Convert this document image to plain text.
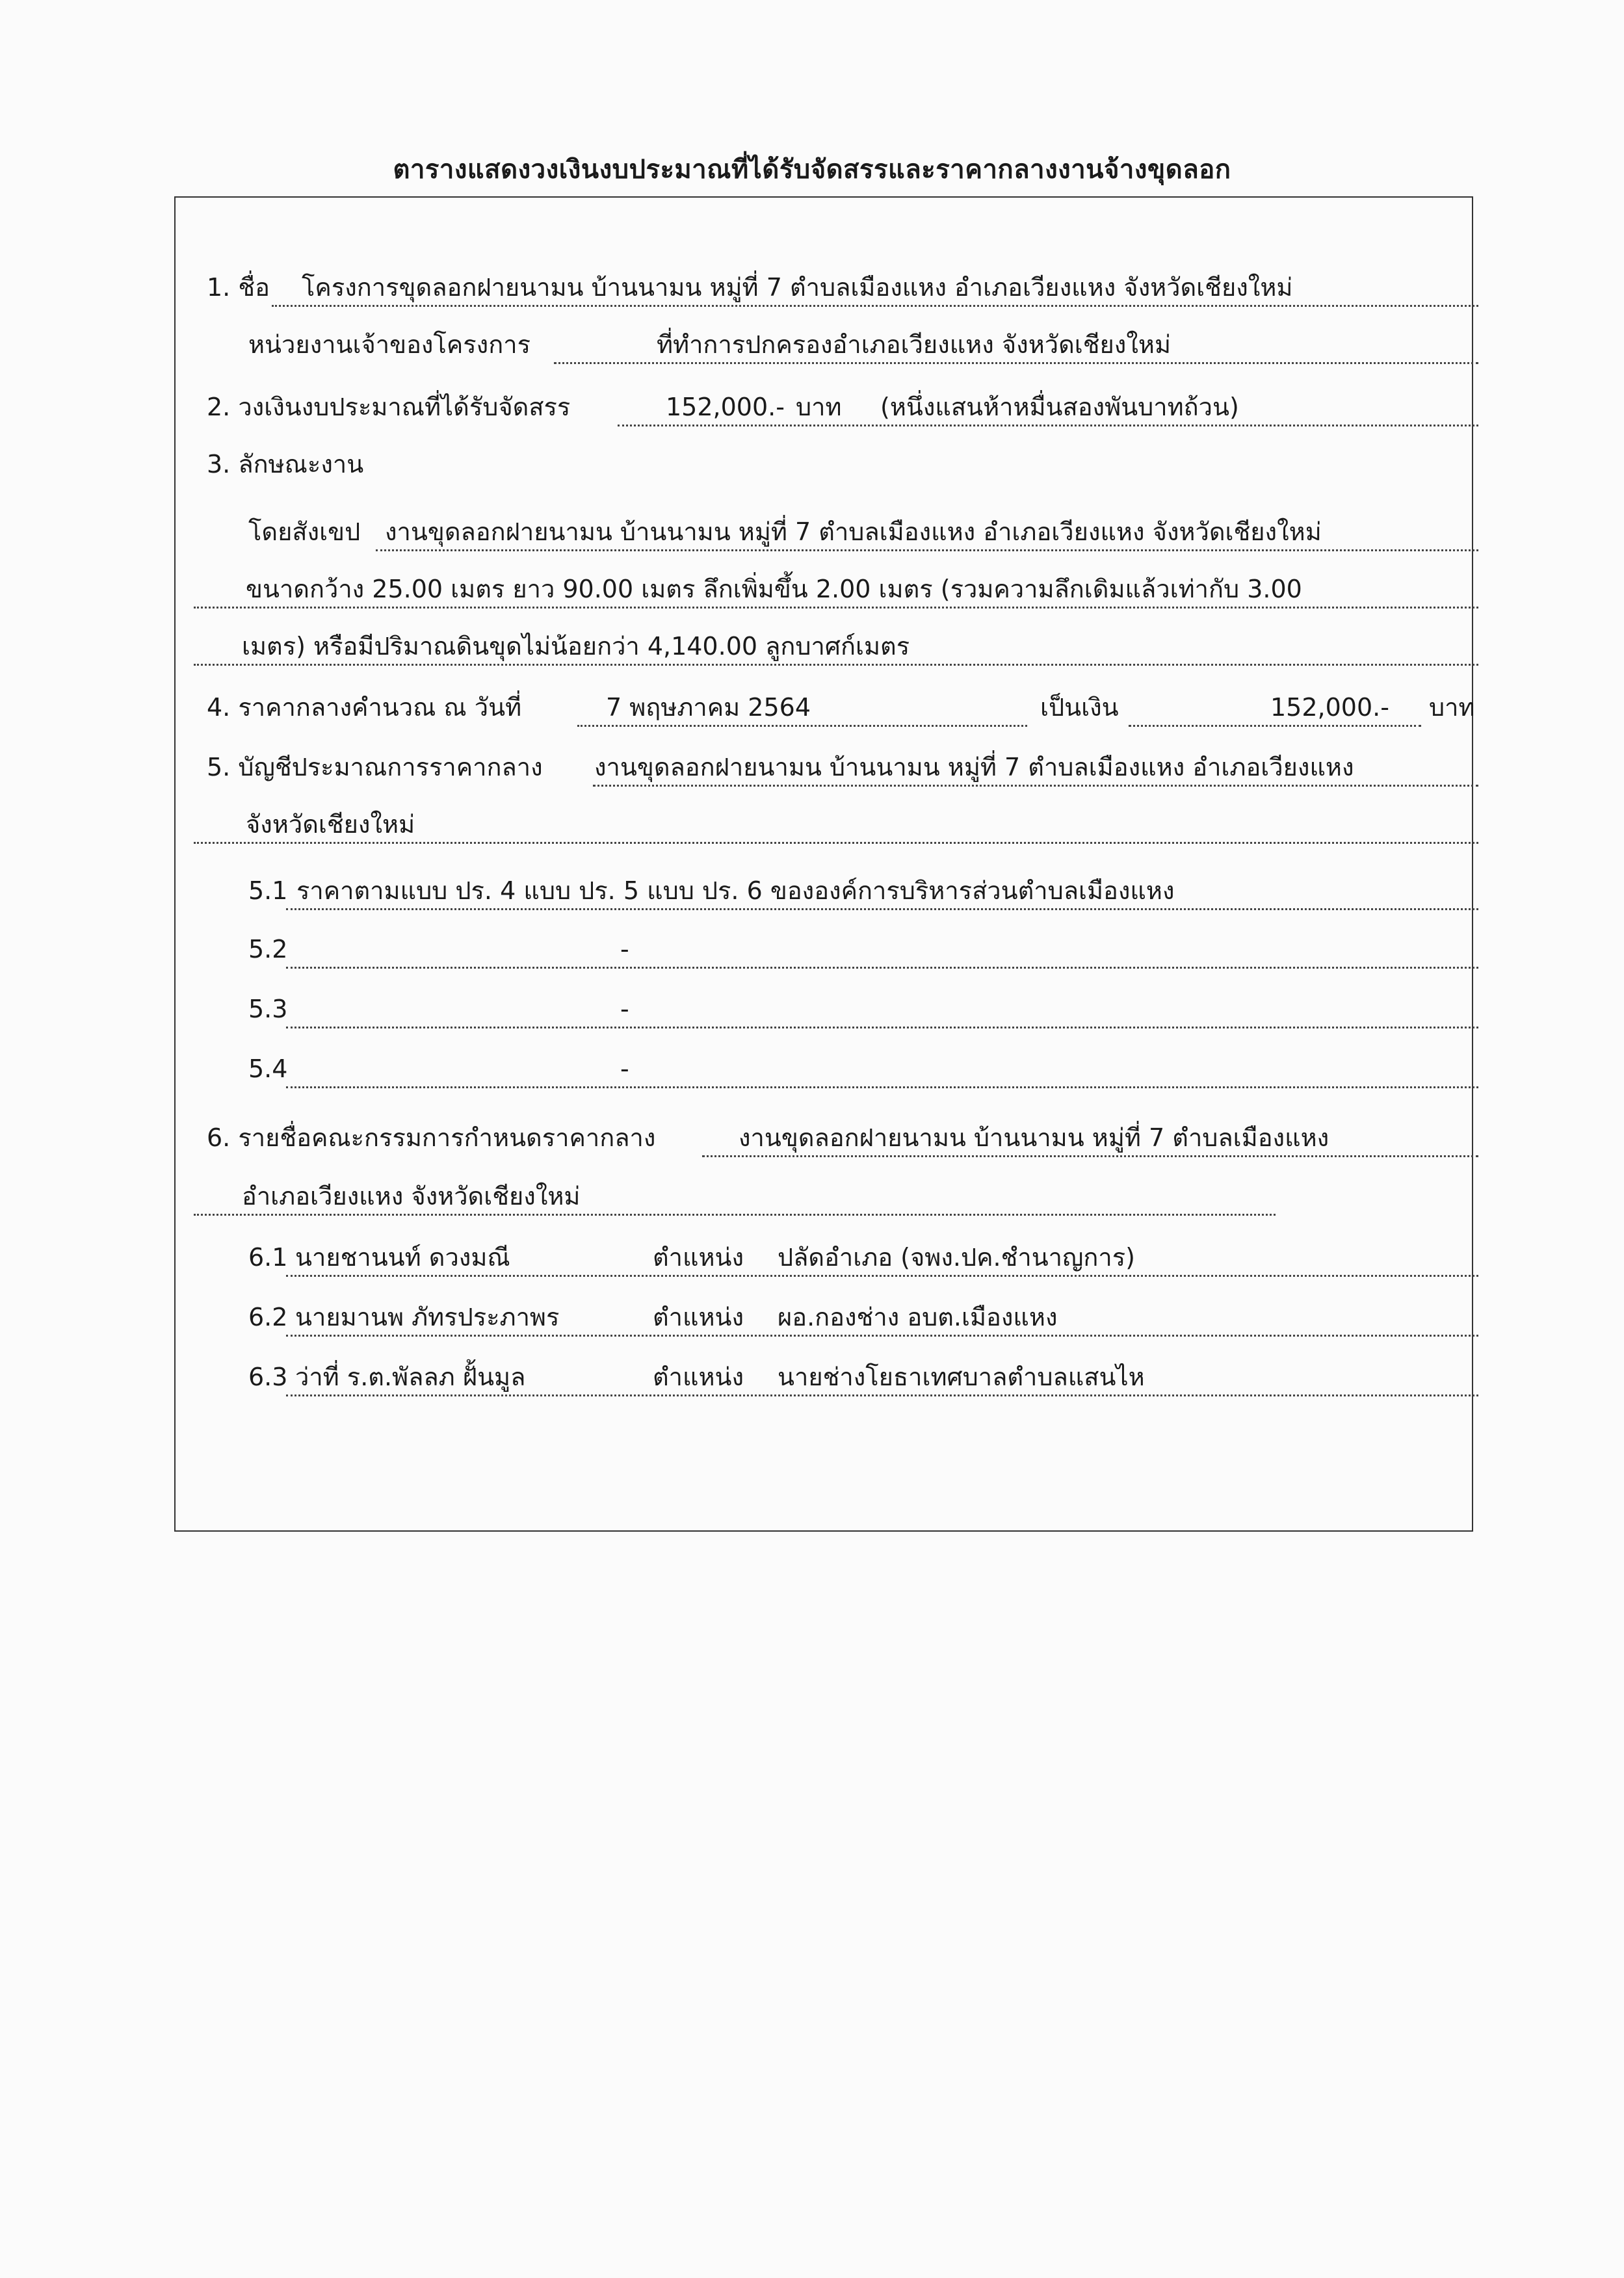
ตารางแสดงวงเงินงบประมาณที่ได้รับจัดสรรและราคากลางงานจ้างขุดลอก
1. ชื่อ โครงการขุดลอกฝายนามน บ้านนามน หมู่ที่ 7 ตำบลเมืองแหง อำเภอเวียงแหง จังหวัดเชียงใหม่
หน่วยงานเจ้าของโครงการ	ที่ทำการปกครองอำเภอเวียงแหง จังหวัดเชียงใหม่
2. วงเงินงบประมาณที่ได้รับจัดสรร	152,000.- บาท (หนึ่งแสนห้าหมื่นสองพันบาทถ้วน)
3. ลักษณะงาน
โดยสังเขป งานขุดลอกฝายนามน บ้านนามน หมู่ที่ 7 ตำบลเมืองแหง อำเภอเวียงแหง จังหวัดเชียงใหม่
ขนาดกว้าง 25.00 เมตร ยาว 90.00 เมตร ลึกเพิ่มขึ้น 2.00 เมตร (รวมความลึกเดิมแล้วเท่ากับ 3.00
เมตร) หรือมีปริมาณดินขุดไม่น้อยกว่า 4,140.00 ลูกบาศก์เมตร
4. ราคากลางคำนวณ ณ วันที่	7 พฤษภาคม 2564	เป็นเงิน	152,000.- บาท
5. บัญชีประมาณการราคากลาง งานขุดลอกฝายนามน บ้านนามน หมู่ที่ 7 ตำบลเมืองแหง อำเภอเวียงแหง
จังหวัดเชียงใหม่
5.1 ราคาตามแบบ ปร. 4 แบบ ปร. 5 แบบ ปร. 6 ขององค์การบริหารส่วนตำบลเมืองแหง
5.2	-
5.3	-
5.4	-
6. รายชื่อคณะกรรมการกำหนดราคากลาง	งานขุดลอกฝายนามน บ้านนามน หมู่ที่ 7 ตำบลเมืองแหง
อำเภอเวียงแหง จังหวัดเชียงใหม่
6.1 นายชานนท์ ดวงมณี	ตำแหน่ง ปลัดอำเภอ (จพง.ปค.ชำนาญการ)
6.2 นายมานพ ภัทรประภาพร	ตำแหน่ง ผอ.กองช่าง อบต.เมืองแหง
6.3 ว่าที่ ร.ต.พัลลภ ฝั้นมูล	ตำแหน่ง นายช่างโยธาเทศบาลตำบลแสนไห
